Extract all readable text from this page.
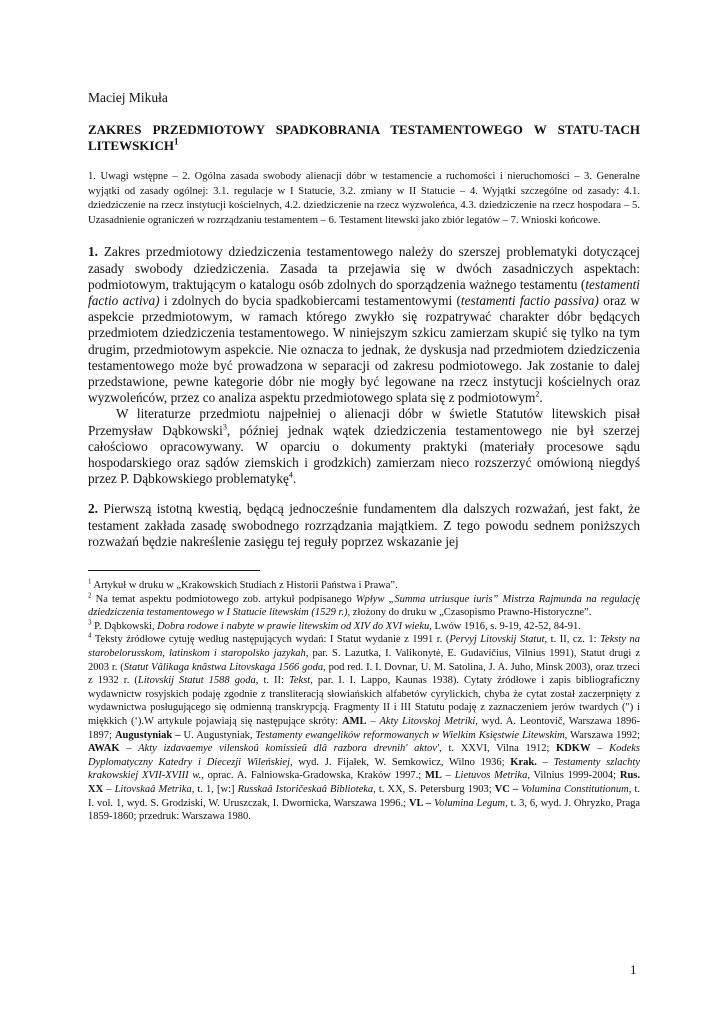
Maciej Mikuła
ZAKRES PRZEDMIOTOWY SPADKOBRANIA TESTAMENTOWEGO W STATU-TACH LITEWSKICH$^1$
1. Uwagi wstępne – 2. Ogólna zasada swobody alienacji dóbr w testamencie a ruchomości i nieruchomości – 3. Generalne wyjątki od zasady ogólnej: 3.1. regulacje w I Statucie, 3.2. zmiany w II Statucie – 4. Wyjątki szczególne od zasady: 4.1. dziedziczenie na rzecz instytucji kościelnych, 4.2. dziedziczenie na rzecz wyzwoleńca, 4.3. dziedziczenie na rzecz hospodara – 5. Uzasadnienie ograniczeń w rozrządzaniu testamentem – 6. Testament litewski jako zbiór legatów – 7. Wnioski końcowe.

1. Zakres przedmiotowy dziedziczenia testamentowego należy do szerszej problematyki dotyczącej zasady swobody dziedziczenia. Zasada ta przejawia się w dwóch zasadniczych aspektach: podmiotowym, traktującym o katalogu osób zdolnych do sporządzenia ważnego testamentu (testamenti factio activa) i zdolnych do bycia spadkobiercami testamentowymi (testamenti factio passiva) oraz w aspekcie przedmiotowym, w ramach którego zwykło się rozpatrywać charakter dóbr będących przedmiotem dziedziczenia testamentowego. W niniejszym szkicu zamierzam skupić się tylko na tym drugim, przedmiotowym aspekcie. Nie oznacza to jednak, że dyskusja nad przedmiotem dziedziczenia testamentowego może być prowadzona w separacji od zakresu podmiotowego. Jak zostanie to dalej przedstawione, pewne kategorie dóbr nie mogły być legowane na rzecz instytucji kościelnych oraz wyzwoleńców, przez co analiza aspektu przedmiotowego splata się z podmiotowym$^2$.

W literaturze przedmiotu najpełniej o alienacji dóbr w świetle Statutów litewskich pisał Przemysław Dąbkowski$^3$, później jednak wątek dziedziczenia testamentowego nie był szerzej całościowo opracowywany. W oparciu o dokumenty praktyki (materiały procesowe sądu hospodarskiego oraz sądów ziemskich i grodzkich) zamierzam nieco rozszerzyć omówioną niegdyś przez P. Dąbkowskiego problematykę$^4$.

2. Pierwszą istotną kwestią, będącą jednocześnie fundamentem dla dalszych rozważań, jest fakt, że testament zakłada zasadę swobodnego rozrządzania majątkiem. Z tego powodu sednem poniższych rozważań będzie nakreślenie zasięgu tej reguły poprzez wskazanie jej

$^1$ Artykuł w druku w „Krakowskich Studiach z Historii Państwa i Prawa”.

$^2$ Na temat aspektu podmiotowego zob. artykuł podpisanego Wpływ „Summa utriusque iuris” Mistrza Rajmunda na regulację dziedziczenia testamentowego w I Statucie litewskim (1529 r.), złożony do druku w „Czasopismo Prawno-Historyczne”.

$^3$ P. Dąbkowski, Dobra rodowe i nabyte w prawie litewskim od XIV do XVI wieku, Lwów 1916, s. 9-19, 42-52, 84-91.

$^4$ Teksty źródłowe cytuję według następujących wydań: I Statut wydanie z 1991 r. (Pervyj Litovskij Statut, t. II, cz. 1: Teksty na starobelorusskom, latinskom i staropolsko jazykah, par. S. Lazutka, I. Valikonytė, E. Gudavičius, Vilnius 1991), Statut drugi z 2003 r. (Statut Vâlikaga knâstwa Litovskaga 1566 goda, pod red. I. I. Dovnar, U. M. Satolina, J. A. Juho, Minsk 2003), oraz trzeci z 1932 r. (Litovskij Statut 1588 goda, t. II: Tekst, par. I. I. Lappo, Kaunas 1938). Cytaty źródłowe i zapis bibliograficzny wydawnictw rosyjskich podaję zgodnie z transliteracją słowiańskich alfabetów cyrylickich, chyba że cytat został zaczerpnięty z wydawnictwa posługującego się odmienną transkrypcją. Fragmenty II i III Statutu podaję z zaznaczeniem jerów twardych (") i miękkich (‘).W artykule pojawiają się następujące skróty: AML – Akty Litovskoj Metriki, wyd. A. Leontovič, Warszawa 1896-1897; Augustyniak – U. Augustyniak, Testamenty ewangelików reformowanych w Wielkim Księstwie Litewskim, Warszawa 1992; AWAK – Akty izdavaemye vilenskoû komissieû dlâ razbora drevnih' aktov', t. XXVI, Vilna 1912; KDKW – Kodeks Dyplomatyczny Katedry i Diecezji Wileńskiej, wyd. J. Fijałek, W. Semkowicz, Wilno 1936; Krak. – Testamenty szlachty krakowskiej XVII-XVIII w., oprac. A. Falniowska-Gradowska, Kraków 1997.; ML – Lietuvos Metrika, Vilnius 1999-2004; Rus. XX – Litovskaâ Metrika, t. 1, [w:] Russkaâ Istoričeskaâ Biblioteka, t. XX, S. Petersburg 1903; VC – Volumina Constitutionum, t. I. vol. 1, wyd. S. Grodziski, W. Uruszczak, I. Dwornicka, Warszawa 1996.; VL – Volumina Legum, t. 3, 6, wyd. J. Ohryzko, Praga 1859-1860; przedruk: Warszawa 1980.

1
